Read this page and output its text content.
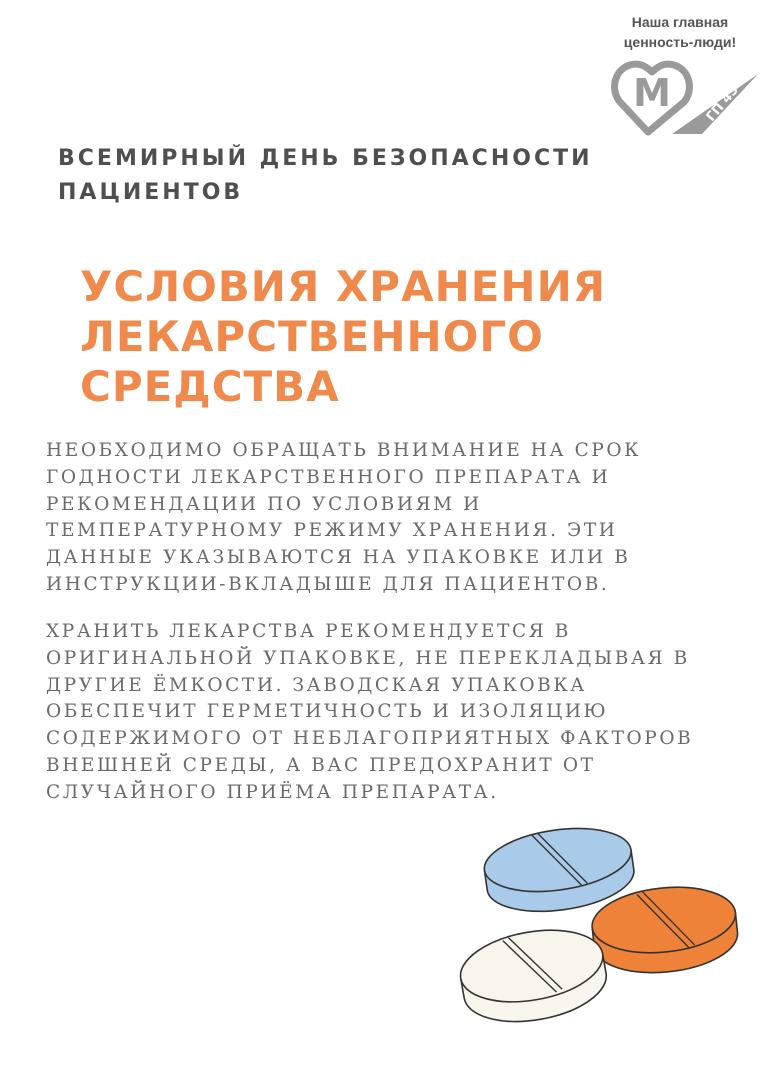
Наша главная
ценность-люди!
М	ГП 45
ВСЕМИРНЫЙ ДЕНЬ БЕЗОПАСНОСТИ
ПАЦИЕНТОВ
УСЛОВИЯ ХРАНЕНИЯ
ЛЕКАРСТВЕННОГО
СРЕДСТВА
НЕОБХОДИМО ОБРАЩАТЬ ВНИМАНИЕ НА СРОК
ГОДНОСТИ ЛЕКАРСТВЕННОГО ПРЕПАРАТА И
РЕКОМЕНДАЦИИ ПО УСЛОВИЯМ И
ТЕМПЕРАТУРНОМУ РЕЖИМУ ХРАНЕНИЯ. ЭТИ
ДАННЫЕ УКАЗЫВАЮТСЯ НА УПАКОВКЕ ИЛИ В
ИНСТРУКЦИИ-ВКЛАДЫШЕ ДЛЯ ПАЦИЕНТОВ.
ХРАНИТЬ ЛЕКАРСТВА РЕКОМЕНДУЕТСЯ В
ОРИГИНАЛЬНОЙ УПАКОВКЕ, НЕ ПЕРЕКЛАДЫВАЯ В
ДРУГИЕ ЁМКОСТИ. ЗАВОДСКАЯ УПАКОВКА
ОБЕСПЕЧИТ ГЕРМЕТИЧНОСТЬ И ИЗОЛЯЦИЮ
СОДЕРЖИМОГО ОТ НЕБЛАГОПРИЯТНЫХ ФАКТОРОВ
ВНЕШНЕЙ СРЕДЫ, А ВАС ПРЕДОХРАНИТ ОТ
СЛУЧАЙНОГО ПРИЁМА ПРЕПАРАТА.
